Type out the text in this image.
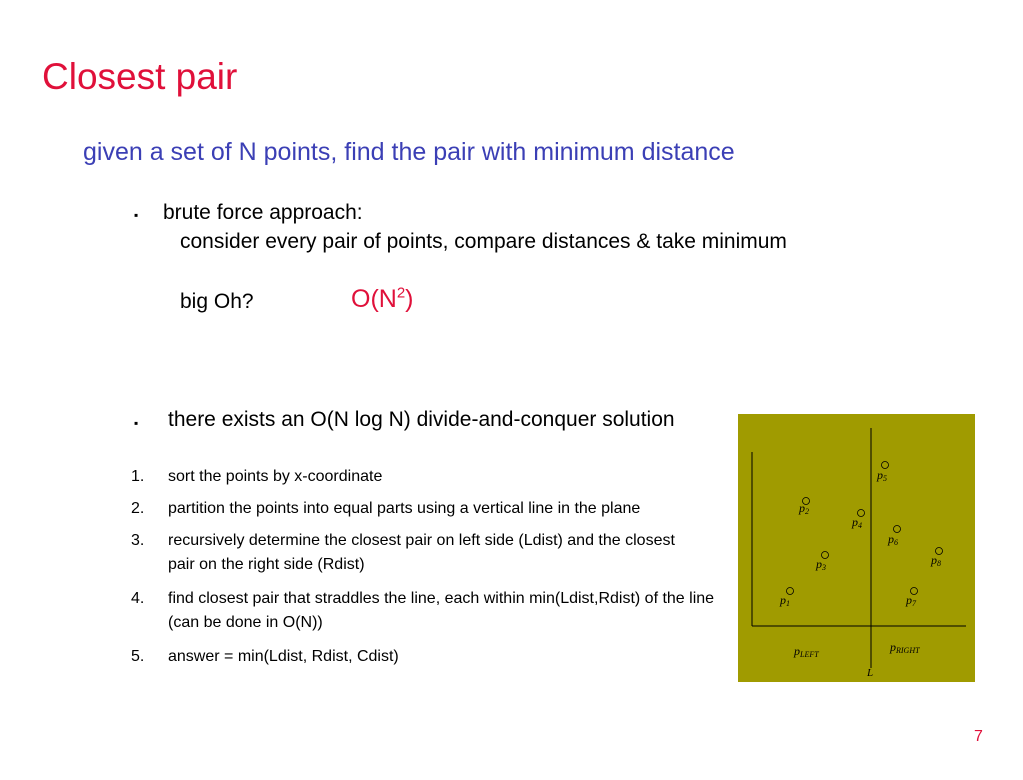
Closest pair
given a set of N points, find the pair with minimum distance
▪ brute force approach:
consider every pair of points, compare distances & take minimum
big Oh?	$O(N^2)$
▪ there exists an O(N log N) divide-and-conquer solution
1.	sort the points by x-coordinate
2.	partition the points into equal parts using a vertical line in the plane
3.	recursively determine the closest pair on left side (Ldist) and the closest pair on the right side (Rdist)
4.	find closest pair that straddles the line, each within min(Ldist,Rdist) of the line (can be done in O(N))
5.	answer = min(Ldist, Rdist, Cdist)
p1
p2
p3
p4
p5
p6
p7
p8
pLEFT
pRIGHT
L
7
